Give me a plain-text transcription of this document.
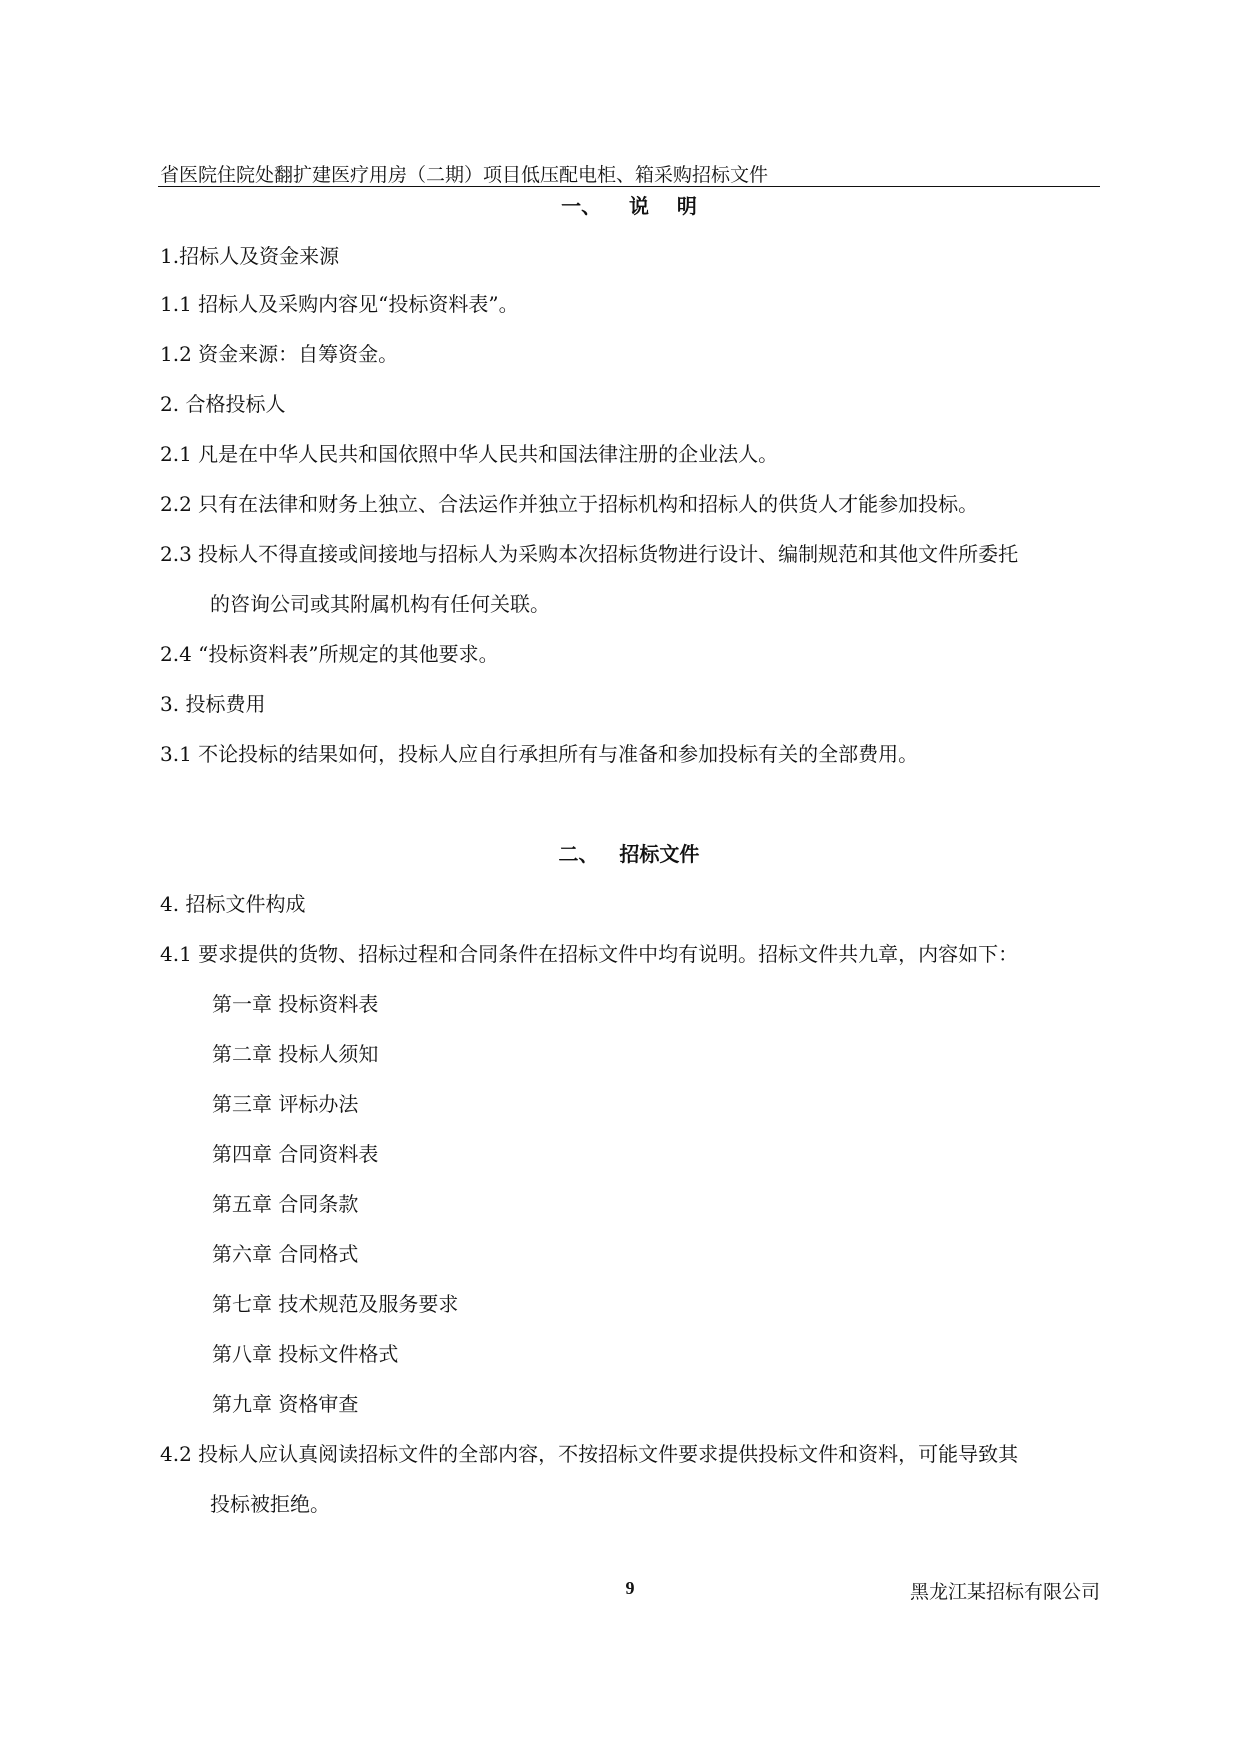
省医院住院处翻扩建医疗用房（二期）项目低压配电柜、箱采购招标文件
一、    说    明
1.招标人及资金来源
1.1 招标人及采购内容见“投标资料表”。
1.2 资金来源：自筹资金。
2. 合格投标人
2.1 凡是在中华人民共和国依照中华人民共和国法律注册的企业法人。
2.2 只有在法律和财务上独立、合法运作并独立于招标机构和招标人的供货人才能参加投标。
2.3 投标人不得直接或间接地与招标人为采购本次招标货物进行设计、编制规范和其他文件所委托
的咨询公司或其附属机构有任何关联。
2.4 “投标资料表”所规定的其他要求。
3. 投标费用
3.1 不论投标的结果如何，投标人应自行承担所有与准备和参加投标有关的全部费用。
二、   招标文件
4. 招标文件构成
4.1 要求提供的货物、招标过程和合同条件在招标文件中均有说明。招标文件共九章，内容如下：
第一章 投标资料表
第二章 投标人须知
第三章 评标办法
第四章 合同资料表
第五章 合同条款
第六章 合同格式
第七章 技术规范及服务要求
第八章 投标文件格式
第九章 资格审查
4.2 投标人应认真阅读招标文件的全部内容，不按招标文件要求提供投标文件和资料，可能导致其
投标被拒绝。
9	黑龙江某招标有限公司
